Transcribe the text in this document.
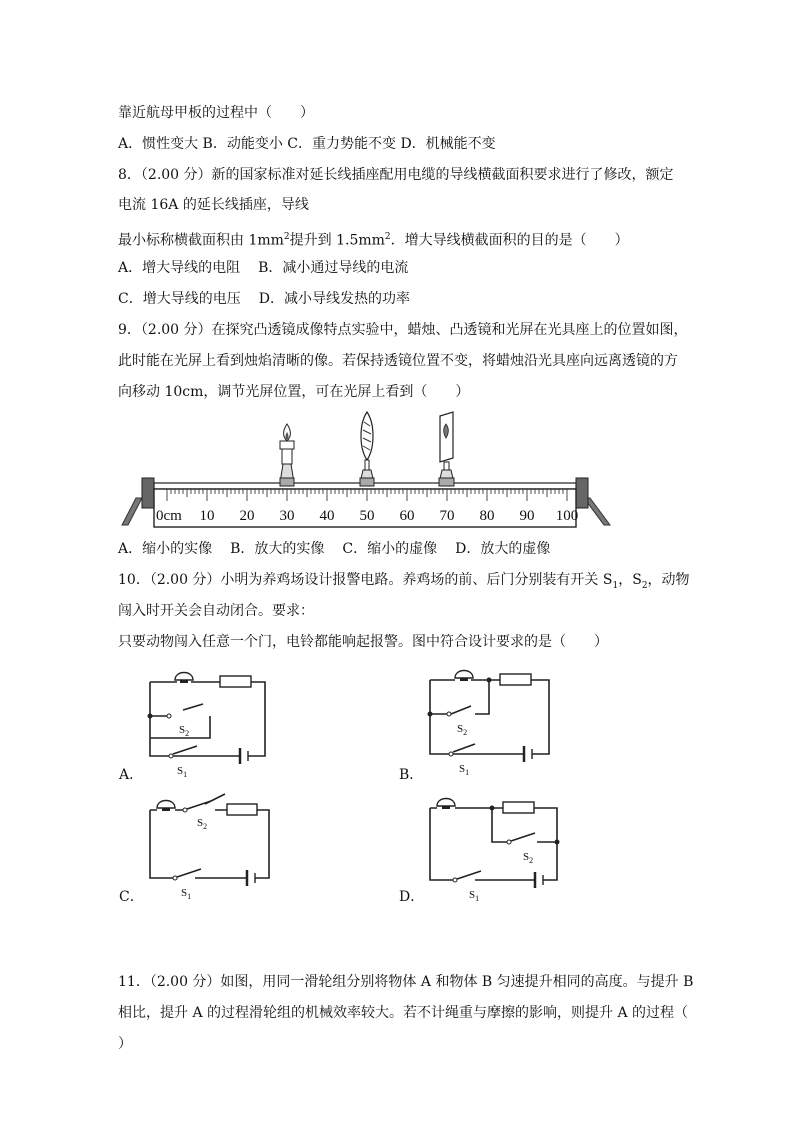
靠近航母甲板的过程中（　　）
A．惯性变大 B．动能变小 C．重力势能不变 D．机械能不变
8．（2.00 分）新的国家标准对延长线插座配用电缆的导线横截面积要求进行了修改，额定
电流 16A 的延长线插座，导线
最小标称横截面积由 $1mm^2$提升到 $1.5mm^2$．增大导线横截面积的目的是（　　）
A．增大导线的电阻 B．减小通过导线的电流
C．增大导线的电压 D．减小导线发热的功率
9．（2.00 分）在探究凸透镜成像特点实验中，蜡烛、凸透镜和光屏在光具座上的位置如图，
此时能在光屏上看到烛焰清晰的像。若保持透镜位置不变，将蜡烛沿光具座向远离透镜的方
向移动 10cm，调节光屏位置，可在光屏上看到（　　）
0cm 10 20 30 40 50 60 70 80 90 100
A．缩小的实像 B．放大的实像 C．缩小的虚像 D．放大的虚像
10．（2.00 分）小明为养鸡场设计报警电路。养鸡场的前、后门分别装有开关 $S_1$，$S_2$，动物
闯入时开关会自动闭合。要求：
只要动物闯入任意一个门，电铃都能响起报警。图中符合设计要求的是（　　）
$S_2$
$S_1$
A．
$S_2$
$S_1$
B．
$S_2$
$S_1$
C．
$S_2$
$S_1$
D．
11．（2.00 分）如图，用同一滑轮组分别将物体 A 和物体 B 匀速提升相同的高度。与提升 B
相比，提升 A 的过程滑轮组的机械效率较大。若不计绳重与摩擦的影响，则提升 A 的过程（
）
